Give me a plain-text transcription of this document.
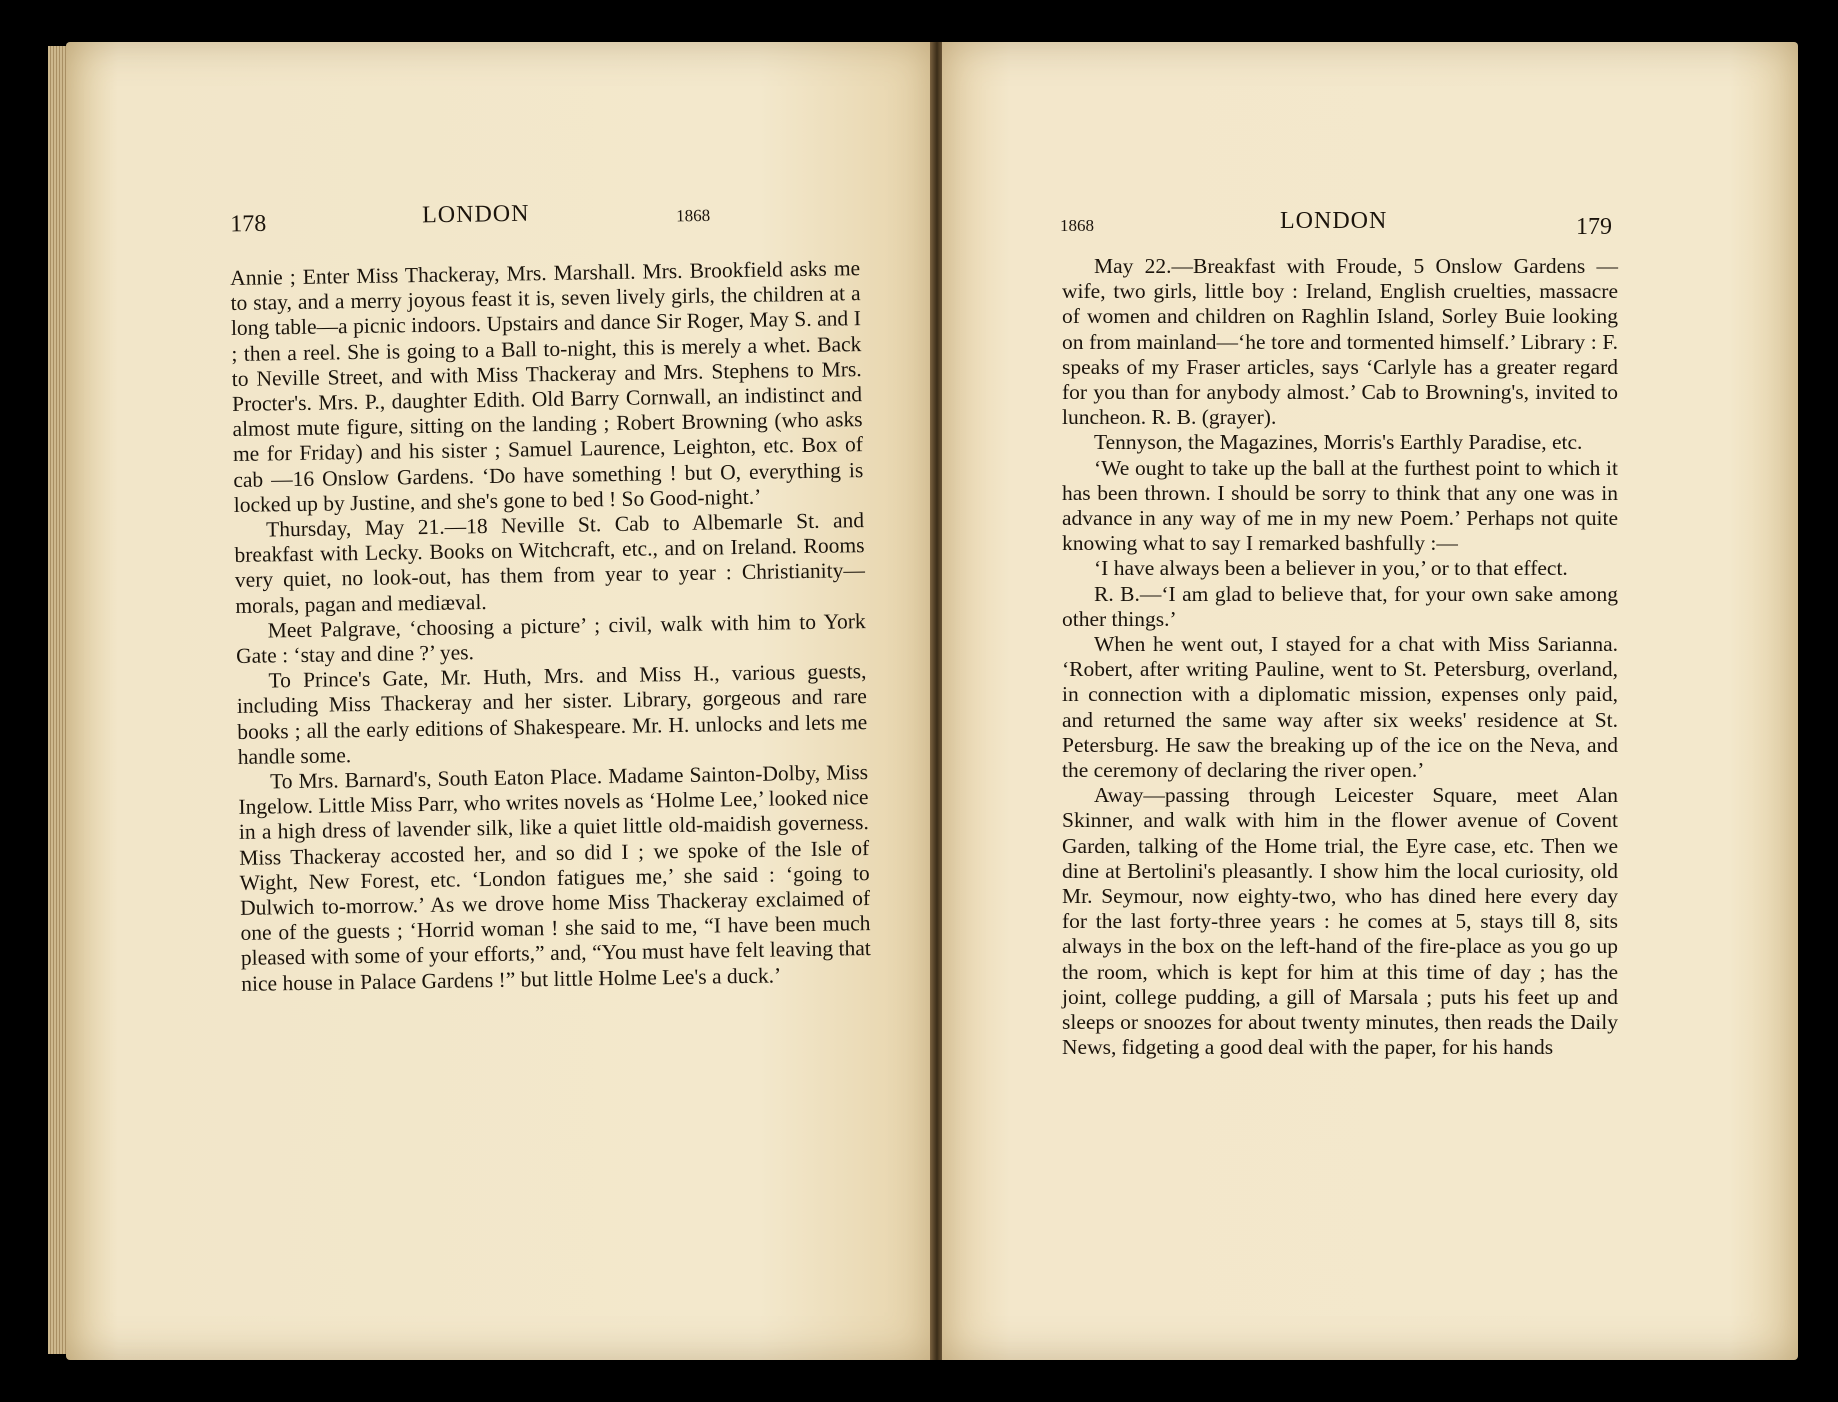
178	LONDON	1868

Annie ; Enter Miss Thackeray, Mrs. Marshall. Mrs. Brookfield asks me to stay, and a merry joyous feast it is, seven lively girls, the children at a long table—a picnic indoors. Upstairs and dance Sir Roger, May S. and I ; then a reel. She is going to a Ball to-night, this is merely a whet. Back to Neville Street, and with Miss Thackeray and Mrs. Stephens to Mrs. Procter's. Mrs. P., daughter Edith. Old Barry Cornwall, an indistinct and almost mute figure, sitting on the landing ; Robert Browning (who asks me for Friday) and his sister ; Samuel Laurence, Leighton, etc. Box of cab —16 Onslow Gardens. ‘Do have something ! but O, everything is locked up by Justine, and she's gone to bed ! So Good-night.’

Thursday, May 21.—18 Neville St. Cab to Albemarle St. and breakfast with Lecky. Books on Witchcraft, etc., and on Ireland. Rooms very quiet, no look-out, has them from year to year : Christianity—morals, pagan and mediæval.

Meet Palgrave, ‘choosing a picture’ ; civil, walk with him to York Gate : ‘stay and dine ?’ yes.

To Prince's Gate, Mr. Huth, Mrs. and Miss H., various guests, including Miss Thackeray and her sister. Library, gorgeous and rare books ; all the early editions of Shakespeare. Mr. H. unlocks and lets me handle some.

To Mrs. Barnard's, South Eaton Place. Madame Sainton-Dolby, Miss Ingelow. Little Miss Parr, who writes novels as ‘Holme Lee,’ looked nice in a high dress of lavender silk, like a quiet little old-maidish governess. Miss Thackeray accosted her, and so did I ; we spoke of the Isle of Wight, New Forest, etc. ‘London fatigues me,’ she said : ‘going to Dulwich to-morrow.’ As we drove home Miss Thackeray exclaimed of one of the guests ; ‘Horrid woman ! she said to me, “I have been much pleased with some of your efforts,” and, “You must have felt leaving that nice house in Palace Gardens !” but little Holme Lee's a duck.’

1868	LONDON	179

May 22.—Breakfast with Froude, 5 Onslow Gardens —wife, two girls, little boy : Ireland, English cruelties, massacre of women and children on Raghlin Island, Sorley Buie looking on from mainland—‘he tore and tormented himself.’ Library : F. speaks of my Fraser articles, says ‘Carlyle has a greater regard for you than for anybody almost.’ Cab to Browning's, invited to luncheon. R. B. (grayer).

Tennyson, the Magazines, Morris's Earthly Paradise, etc.

‘We ought to take up the ball at the furthest point to which it has been thrown. I should be sorry to think that any one was in advance in any way of me in my new Poem.’ Perhaps not quite knowing what to say I remarked bashfully :—

‘I have always been a believer in you,’ or to that effect.

R. B.—‘I am glad to believe that, for your own sake among other things.’

When he went out, I stayed for a chat with Miss Sarianna. ‘Robert, after writing Pauline, went to St. Petersburg, overland, in connection with a diplomatic mission, expenses only paid, and returned the same way after six weeks' residence at St. Petersburg. He saw the breaking up of the ice on the Neva, and the ceremony of declaring the river open.’

Away—passing through Leicester Square, meet Alan Skinner, and walk with him in the flower avenue of Covent Garden, talking of the Home trial, the Eyre case, etc. Then we dine at Bertolini's pleasantly. I show him the local curiosity, old Mr. Seymour, now eighty-two, who has dined here every day for the last forty-three years : he comes at 5, stays till 8, sits always in the box on the left-hand of the fire-place as you go up the room, which is kept for him at this time of day ; has the joint, college pudding, a gill of Marsala ; puts his feet up and sleeps or snoozes for about twenty minutes, then reads the Daily News, fidgeting a good deal with the paper, for his hands
